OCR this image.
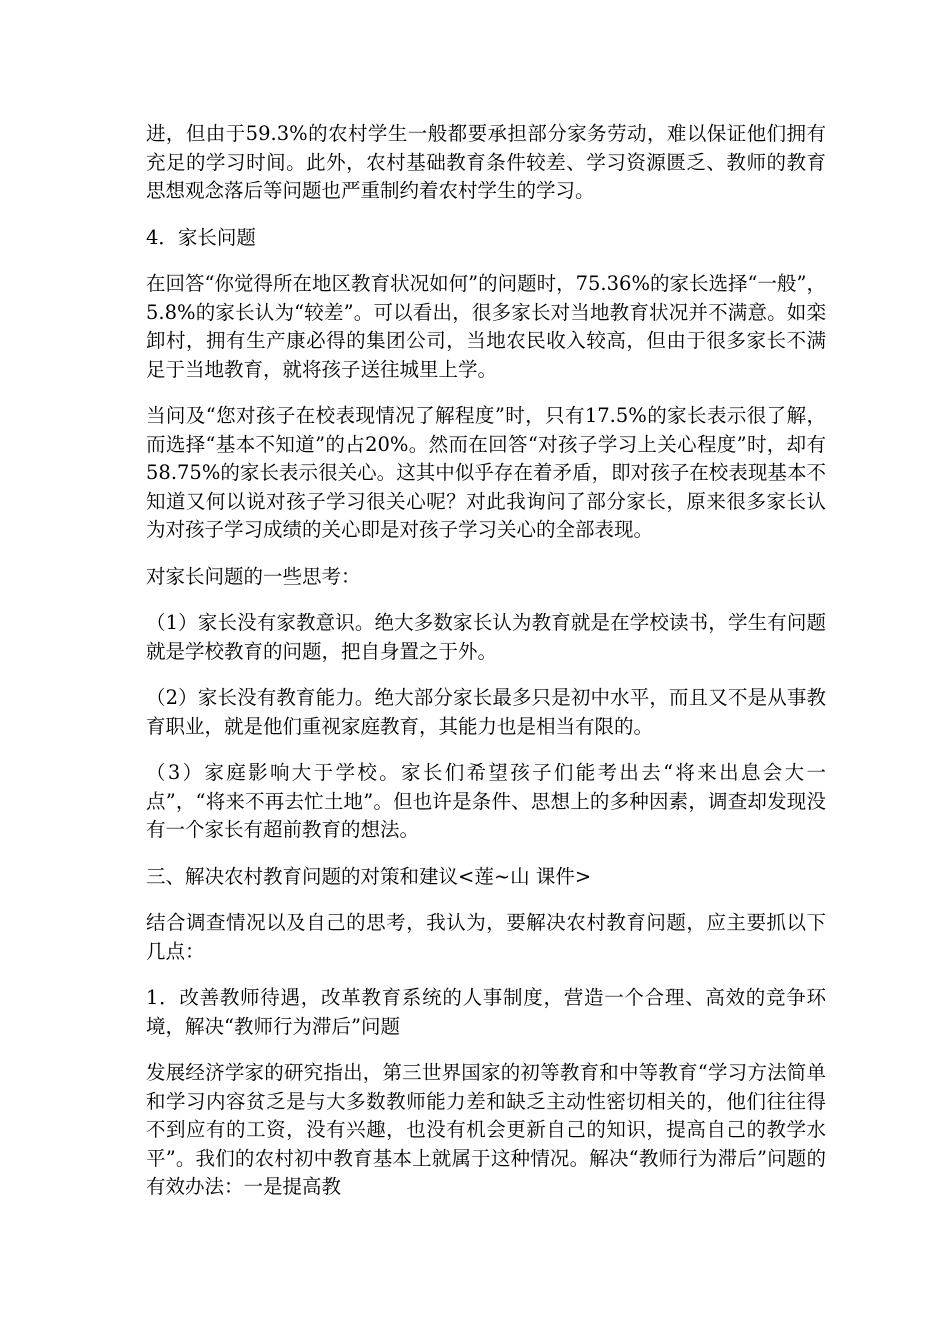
进，但由于59.3%的农村学生一般都要承担部分家务劳动，难以保证他们拥有充足的学习时间。此外，农村基础教育条件较差、学习资源匮乏、教师的教育思想观念落后等问题也严重制约着农村学生的学习。

4．家长问题

在回答“你觉得所在地区教育状况如何”的问题时，75.36%的家长选择“一般”，5.8%的家长认为“较差”。可以看出，很多家长对当地教育状况并不满意。如栾卸村，拥有生产康必得的集团公司，当地农民收入较高，但由于很多家长不满足于当地教育，就将孩子送往城里上学。

当问及“您对孩子在校表现情况了解程度”时，只有17.5%的家长表示很了解，而选择“基本不知道”的占20%。然而在回答“对孩子学习上关心程度”时，却有58.75%的家长表示很关心。这其中似乎存在着矛盾，即对孩子在校表现基本不知道又何以说对孩子学习很关心呢？对此我询问了部分家长，原来很多家长认为对孩子学习成绩的关心即是对孩子学习关心的全部表现。

对家长问题的一些思考：

（1）家长没有家教意识。绝大多数家长认为教育就是在学校读书，学生有问题就是学校教育的问题，把自身置之于外。

（2）家长没有教育能力。绝大部分家长最多只是初中水平，而且又不是从事教育职业，就是他们重视家庭教育，其能力也是相当有限的。

（3）家庭影响大于学校。家长们希望孩子们能考出去“将来出息会大一点”，“将来不再去忙土地”。但也许是条件、思想上的多种因素，调查却发现没有一个家长有超前教育的想法。

三、解决农村教育问题的对策和建议<莲~山 课件>

结合调查情况以及自己的思考，我认为，要解决农村教育问题，应主要抓以下几点：

1．改善教师待遇，改革教育系统的人事制度，营造一个合理、高效的竞争环境，解决“教师行为滞后”问题

发展经济学家的研究指出，第三世界国家的初等教育和中等教育“学习方法简单和学习内容贫乏是与大多数教师能力差和缺乏主动性密切相关的，他们往往得不到应有的工资，没有兴趣，也没有机会更新自己的知识，提高自己的教学水平”。我们的农村初中教育基本上就属于这种情况。解决“教师行为滞后”问题的有效办法：一是提高教
